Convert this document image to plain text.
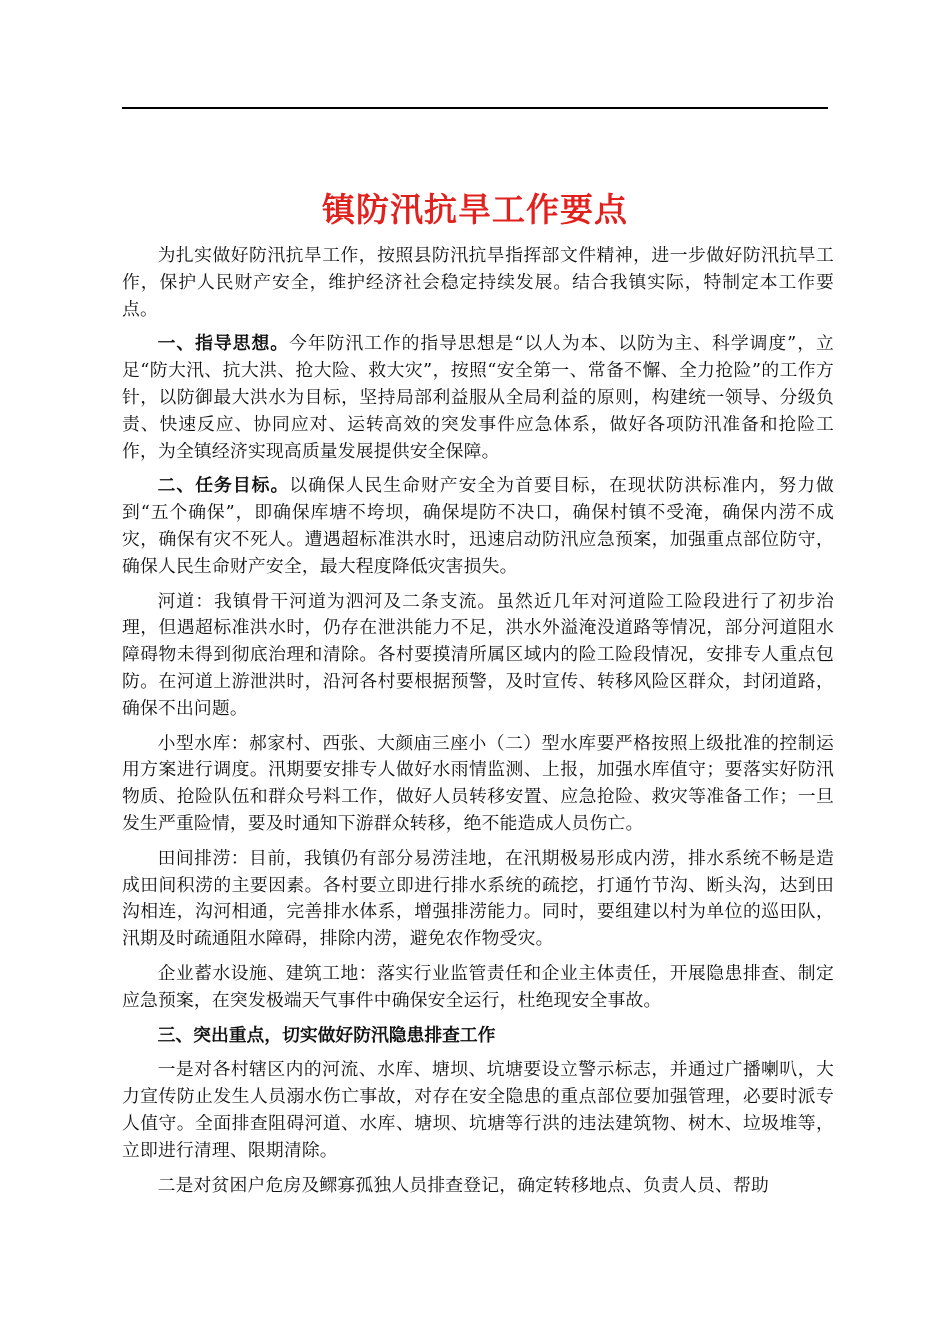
镇防汛抗旱工作要点

为扎实做好防汛抗旱工作，按照县防汛抗旱指挥部文件精神，进一步做好防汛抗旱工作，保护人民财产安全，维护经济社会稳定持续发展。结合我镇实际，特制定本工作要点。

一、指导思想。今年防汛工作的指导思想是“以人为本、以防为主、科学调度”，立足“防大汛、抗大洪、抢大险、救大灾”，按照“安全第一、常备不懈、全力抢险”的工作方针，以防御最大洪水为目标，坚持局部利益服从全局利益的原则，构建统一领导、分级负责、快速反应、协同应对、运转高效的突发事件应急体系，做好各项防汛准备和抢险工作，为全镇经济实现高质量发展提供安全保障。

二、任务目标。以确保人民生命财产安全为首要目标，在现状防洪标准内，努力做到“五个确保”，即确保库塘不垮坝，确保堤防不决口，确保村镇不受淹，确保内涝不成灾，确保有灾不死人。遭遇超标准洪水时，迅速启动防汛应急预案，加强重点部位防守，确保人民生命财产安全，最大程度降低灾害损失。

河道：我镇骨干河道为泗河及二条支流。虽然近几年对河道险工险段进行了初步治理，但遇超标准洪水时，仍存在泄洪能力不足，洪水外溢淹没道路等情况，部分河道阻水障碍物未得到彻底治理和清除。各村要摸清所属区域内的险工险段情况，安排专人重点包防。在河道上游泄洪时，沿河各村要根据预警，及时宣传、转移风险区群众，封闭道路，确保不出问题。

小型水库：郝家村、西张、大颜庙三座小（二）型水库要严格按照上级批准的控制运用方案进行调度。汛期要安排专人做好水雨情监测、上报，加强水库值守；要落实好防汛物质、抢险队伍和群众号料工作，做好人员转移安置、应急抢险、救灾等准备工作；一旦发生严重险情，要及时通知下游群众转移，绝不能造成人员伤亡。

田间排涝：目前，我镇仍有部分易涝洼地，在汛期极易形成内涝，排水系统不畅是造成田间积涝的主要因素。各村要立即进行排水系统的疏挖，打通竹节沟、断头沟，达到田沟相连，沟河相通，完善排水体系，增强排涝能力。同时，要组建以村为单位的巡田队，汛期及时疏通阻水障碍，排除内涝，避免农作物受灾。

企业蓄水设施、建筑工地：落实行业监管责任和企业主体责任，开展隐患排查、制定应急预案，在突发极端天气事件中确保安全运行，杜绝现安全事故。

三、突出重点，切实做好防汛隐患排查工作

一是对各村辖区内的河流、水库、塘坝、坑塘要设立警示标志，并通过广播喇叭，大力宣传防止发生人员溺水伤亡事故，对存在安全隐患的重点部位要加强管理，必要时派专人值守。全面排查阻碍河道、水库、塘坝、坑塘等行洪的违法建筑物、树木、垃圾堆等，立即进行清理、限期清除。

二是对贫困户危房及鳏寡孤独人员排查登记，确定转移地点、负责人员、帮助
